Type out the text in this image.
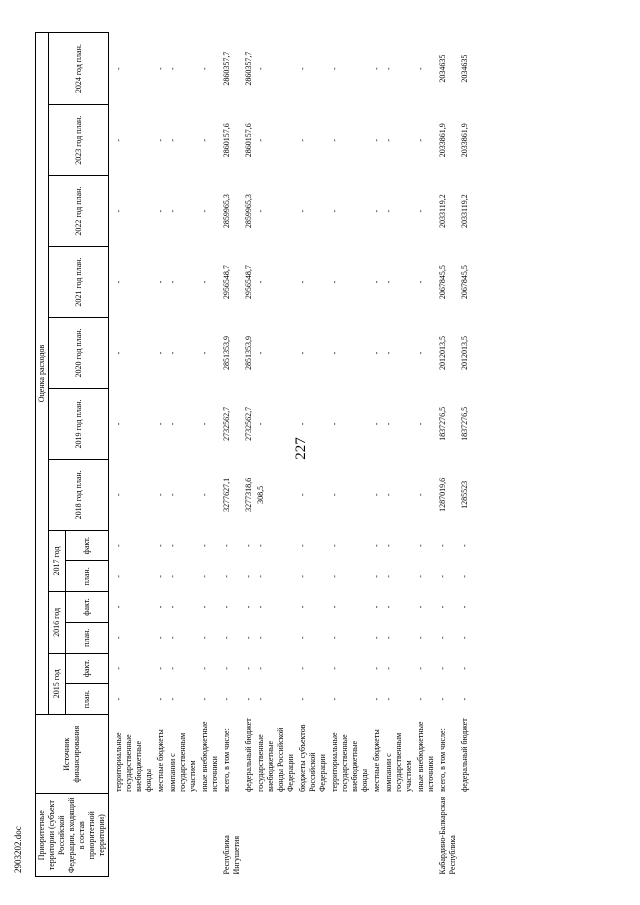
227
2903202.doc Приоритетные территории (субъект Российской Федерации, входящий в состав приоритетной территории)	Источник финансирования	Оценка расходов												
		2015 год		2016 год		2017 год		2018 год план.	2019 год план.	2020 год план.	2021 год план.	2022 год план.	2023 год план.	2024 год план.
		план.	факт.	план.	факт.	план.	факт.							

	территориальные государственные внебюджетные фонды	-	-	-	-	-	-	-	-	-	-	-	-	-
	местные бюджеты	-	-	-	-	-	-	-	-	-	-	-	-	-
	компании с государственным участием	-	-	-	-	-	-	-	-	-	-	-	-	-
	иные внебюджетные источники	-	-	-	-	-	-	-	-	-	-	-	-	-
Республика Ингушетия	всего, в том числе:	-	-	-	-	-	-	3277627,1	2732562,7	2851353,9	2956548,7	2859965,3	2860157,6	2860357,7
	федеральный бюджет	-	-	-	-	-	-	3277318,6	2732562,7	2851353,9	2956548,7	2859965,3	2860157,6	2860357,7
	государственные внебюджетные фонды Российской Федерации	-	-	-	-	-	-	308,5	-	-	-	-	-	-
	бюджеты субъектов Российской Федерации	-	-	-	-	-	-	-	-	-	-	-	-	-
	территориальные государственные внебюджетные фонды	-	-	-	-	-	-	-	-	-	-	-	-	-
	местные бюджеты	-	-	-	-	-	-	-	-	-	-	-	-	-
	компании с государственным участием	-	-	-	-	-	-	-	-	-	-	-	-	-
	иные внебюджетные источники	-	-	-	-	-	-	-	-	-	-	-	-	-
Кабардино-Балкарская Республика	всего, в том числе:	-	-	-	-	-	-	1287019,6	1837276,5	2012013,5	2067845,5	2033119,2	2033861,9	2034635
	федеральный бюджет	-	-	-	-	-	-	1285523	1837276,5	2012013,5	2067845,5	2033119,2	2033861,9	2034635
